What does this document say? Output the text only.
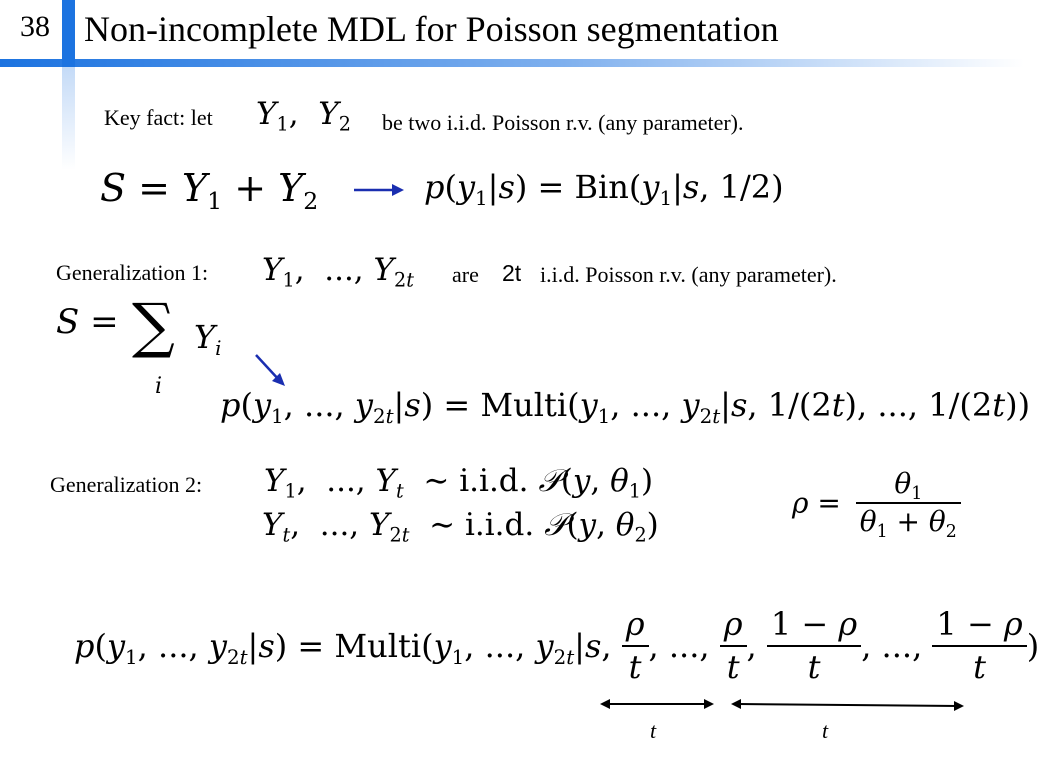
38 Non-incomplete MDL for Poisson segmentation
Key fact: let $Y_1$,  $Y_2$ be two i.i.d. Poisson r.v. (any parameter).
$S = Y_1 + Y_2$	$p(y_1|s) = Bin(y_1|s$, 1/2)
Generalization 1: $Y_1$,  ..., $Y_{2t}$ are 2t i.i.d. Poisson r.v. (any parameter).
S = ∑ $Y_i$
i $p(y_1$, ..., $y_{2t}|s$) = $Multi(y_1$, ..., $y_{2t}|s$, 1/(2t), ..., 1/(2t))
Generalization 2: $Y_1$,  ..., $Y_t$  ∼ i.i.d. 𝒫(y, $\theta_1$)
$Y_t$,  ..., $Y_{2t}$  ∼ i.i.d. 𝒫(y, $\theta_2$)
$\rho = \frac{\theta_1}{\theta_1 + \theta_2}$
$p(y_1$, ..., $y_{2t}|s$) = $Multi(y_1$, ..., $y_{2t}|s$, $\frac{\rho}{t}$ , ..., $\frac{\rho}{t}$ , $\frac{1 - \rho}{t}$ , ..., $\frac{1 - \rho}{t}$ )
t	t
